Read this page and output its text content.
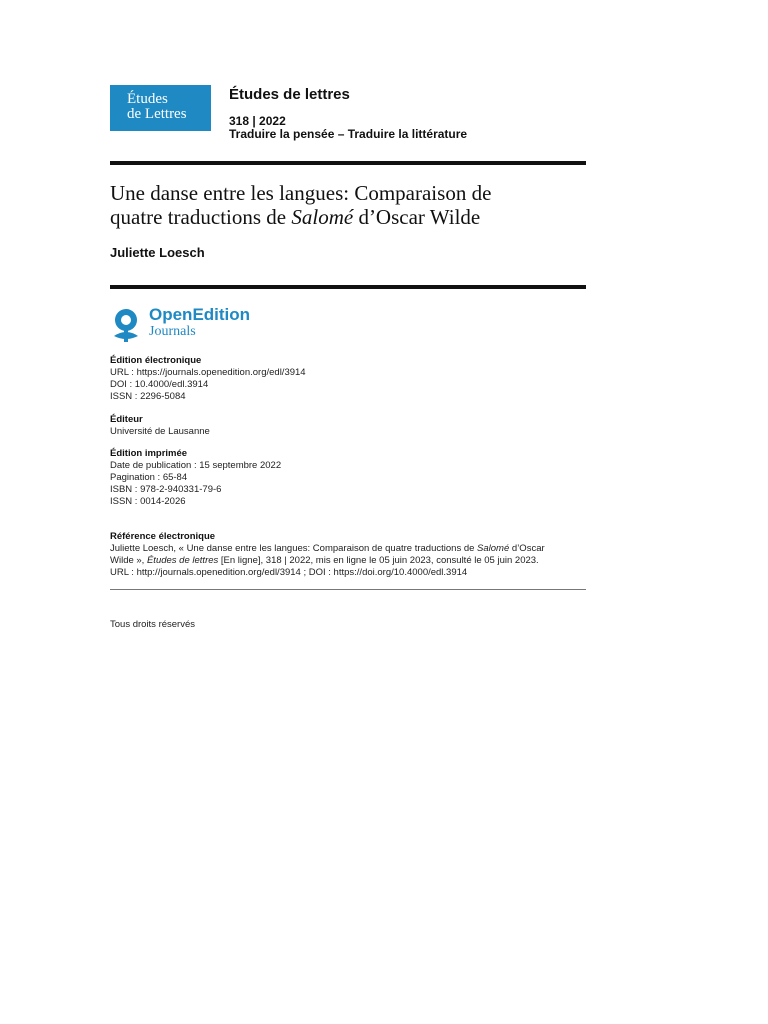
Études
de Lettres
Études de lettres
318 | 2022
Traduire la pensée – Traduire la littérature
Une danse entre les langues: Comparaison de
quatre traductions de Salomé d’Oscar Wilde
Juliette Loesch
OpenEdition
Journals
Édition électronique
URL : https://journals.openedition.org/edl/3914
DOI : 10.4000/edl.3914
ISSN : 2296-5084
Éditeur
Université de Lausanne
Édition imprimée
Date de publication : 15 septembre 2022
Pagination : 65-84
ISBN : 978-2-940331-79-6
ISSN : 0014-2026
Référence électronique
Juliette Loesch, « Une danse entre les langues: Comparaison de quatre traductions de Salomé d’Oscar
Wilde », Études de lettres [En ligne], 318 | 2022, mis en ligne le 05 juin 2023, consulté le 05 juin 2023.
URL : http://journals.openedition.org/edl/3914 ; DOI : https://doi.org/10.4000/edl.3914
Tous droits réservés
